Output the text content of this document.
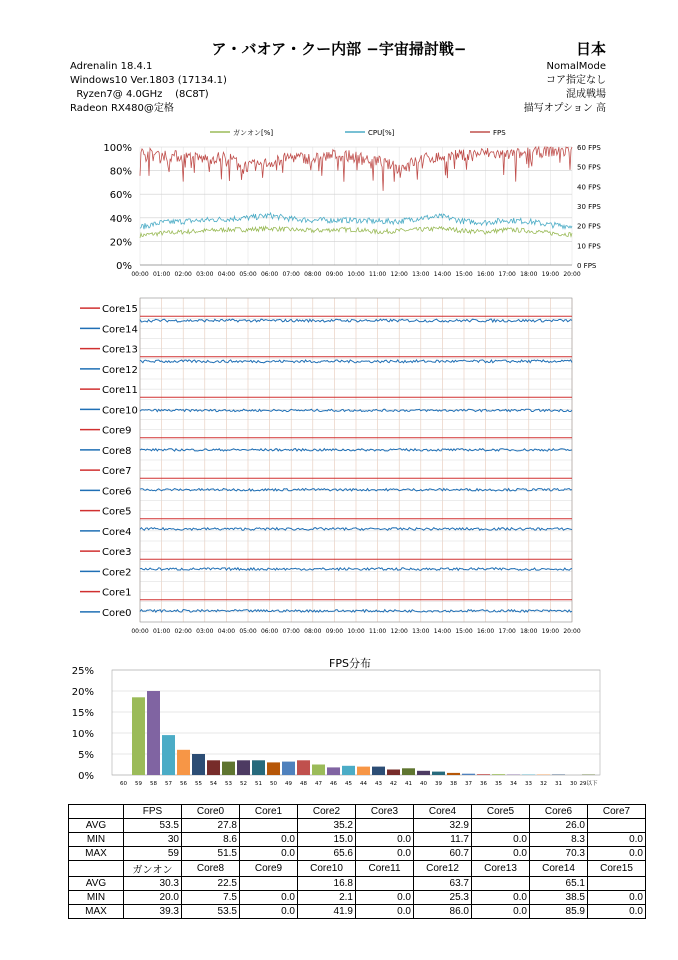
ア・バオア・クー内部 −宇宙掃討戦−	日本
Adrenalin 18.4.1
Windows10 Ver.1803 (17134.1)
Ryzen7@ 4.0GHz    (8C8T)
Radeon RX480@定格
NomalMode
コア指定なし
混成戦場
描写オプション 高
ガンオン[%]	CPU[%]	FPS
100%
80%
60%
40%
20%
0%
60 FPS
50 FPS
40 FPS
30 FPS
20 FPS
10 FPS
0 FPS
00:00 01:00 02:00 03:00 04:00 05:00 06:00 07:00 08:00 09:00 10:00 11:00 12:00 13:00 14:00 15:00 16:00 17:00 18:00 19:00 20:00
Core15
Core14
Core13
Core12
Core11
Core10
Core9
Core8
Core7
Core6
Core5
Core4
Core3
Core2
Core1
Core0
00:00 01:00 02:00 03:00 04:00 05:00 06:00 07:00 08:00 09:00 10:00 11:00 12:00 13:00 14:00 15:00 16:00 17:00 18:00 19:00 20:00
FPS分布
25%
20%
15%
10%
5%
0%
60 59 58 57 56 55 54 53 52 51 50 49 48 47 46 45 44 43 42 41 40 39 38 37 36 35 34 33 32 31 30 29以下
	FPS	Core0	Core1	Core2	Core3	Core4	Core5	Core6	Core7
AVG	53.5	27.8		35.2		32.9		26.0	
MIN	30	8.6	0.0	15.0	0.0	11.7	0.0	8.3	0.0
MAX	59	51.5	0.0	65.6	0.0	60.7	0.0	70.3	0.0
	ガンオン	Core8	Core9	Core10	Core11	Core12	Core13	Core14	Core15
AVG	30.3	22.5		16.8		63.7		65.1	
MIN	20.0	7.5	0.0	2.1	0.0	25.3	0.0	38.5	0.0
MAX	39.3	53.5	0.0	41.9	0.0	86.0	0.0	85.9	0.0
